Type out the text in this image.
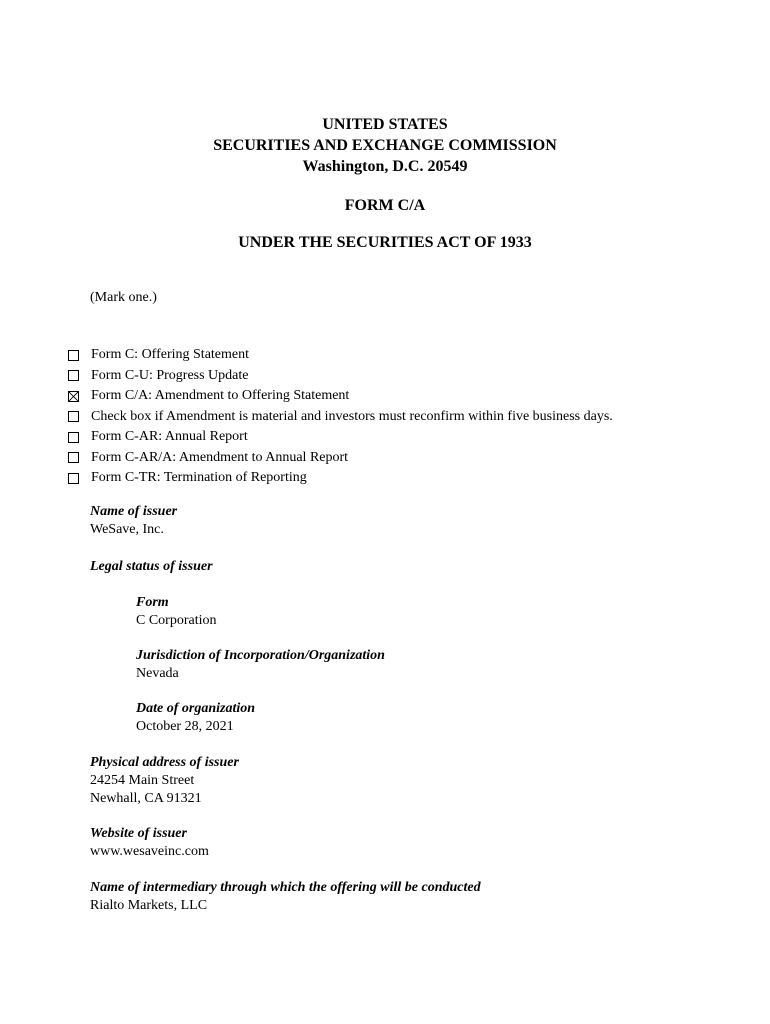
UNITED STATES
SECURITIES AND EXCHANGE COMMISSION
Washington, D.C. 20549
FORM C/A
UNDER THE SECURITIES ACT OF 1933
(Mark one.)
Form C: Offering Statement
Form C-U: Progress Update
Form C/A: Amendment to Offering Statement
Check box if Amendment is material and investors must reconfirm within five business days.
Form C-AR: Annual Report
Form C-AR/A: Amendment to Annual Report
Form C-TR: Termination of Reporting
Name of issuer
WeSave, Inc.
Legal status of issuer
Form
C Corporation
Jurisdiction of Incorporation/Organization
Nevada
Date of organization
October 28, 2021
Physical address of issuer
24254 Main Street
Newhall, CA 91321
Website of issuer
www.wesaveinc.com
Name of intermediary through which the offering will be conducted
Rialto Markets, LLC
